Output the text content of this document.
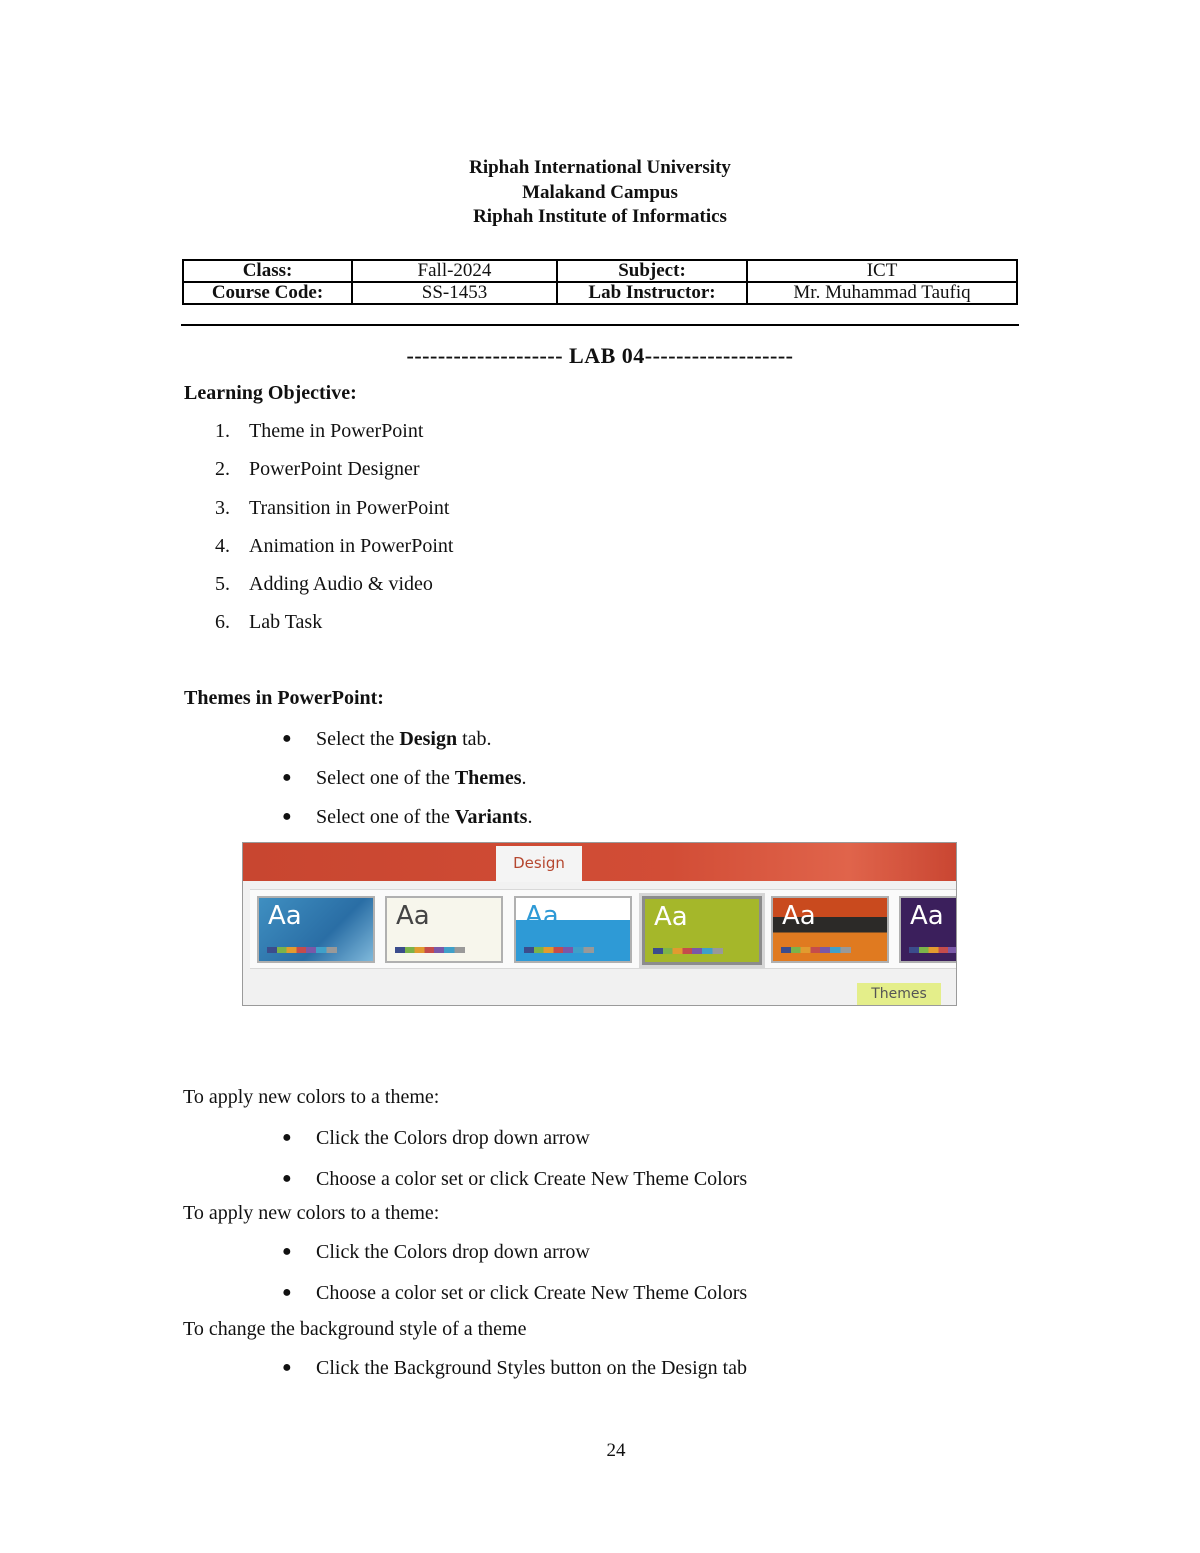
Riphah International University
Malakand Campus
Riphah Institute of Informatics
Class:	Fall-2024	Subject:	ICT
Course Code:	SS-1453	Lab Instructor:	Mr. Muhammad Taufiq
-------------------- LAB 04-------------------
Learning Objective:
1. Theme in PowerPoint
2. PowerPoint Designer
3. Transition in PowerPoint
4. Animation in PowerPoint
5. Adding Audio & video
6. Lab Task
Themes in PowerPoint:
● Select the Design tab.
● Select one of the Themes.
● Select one of the Variants.
Design
Aa	Aa	Aa	Aa	Aa	Aa
Themes
To apply new colors to a theme:
● Click the Colors drop down arrow
● Choose a color set or click Create New Theme Colors
To apply new colors to a theme:
● Click the Colors drop down arrow
● Choose a color set or click Create New Theme Colors
To change the background style of a theme
● Click the Background Styles button on the Design tab
24
